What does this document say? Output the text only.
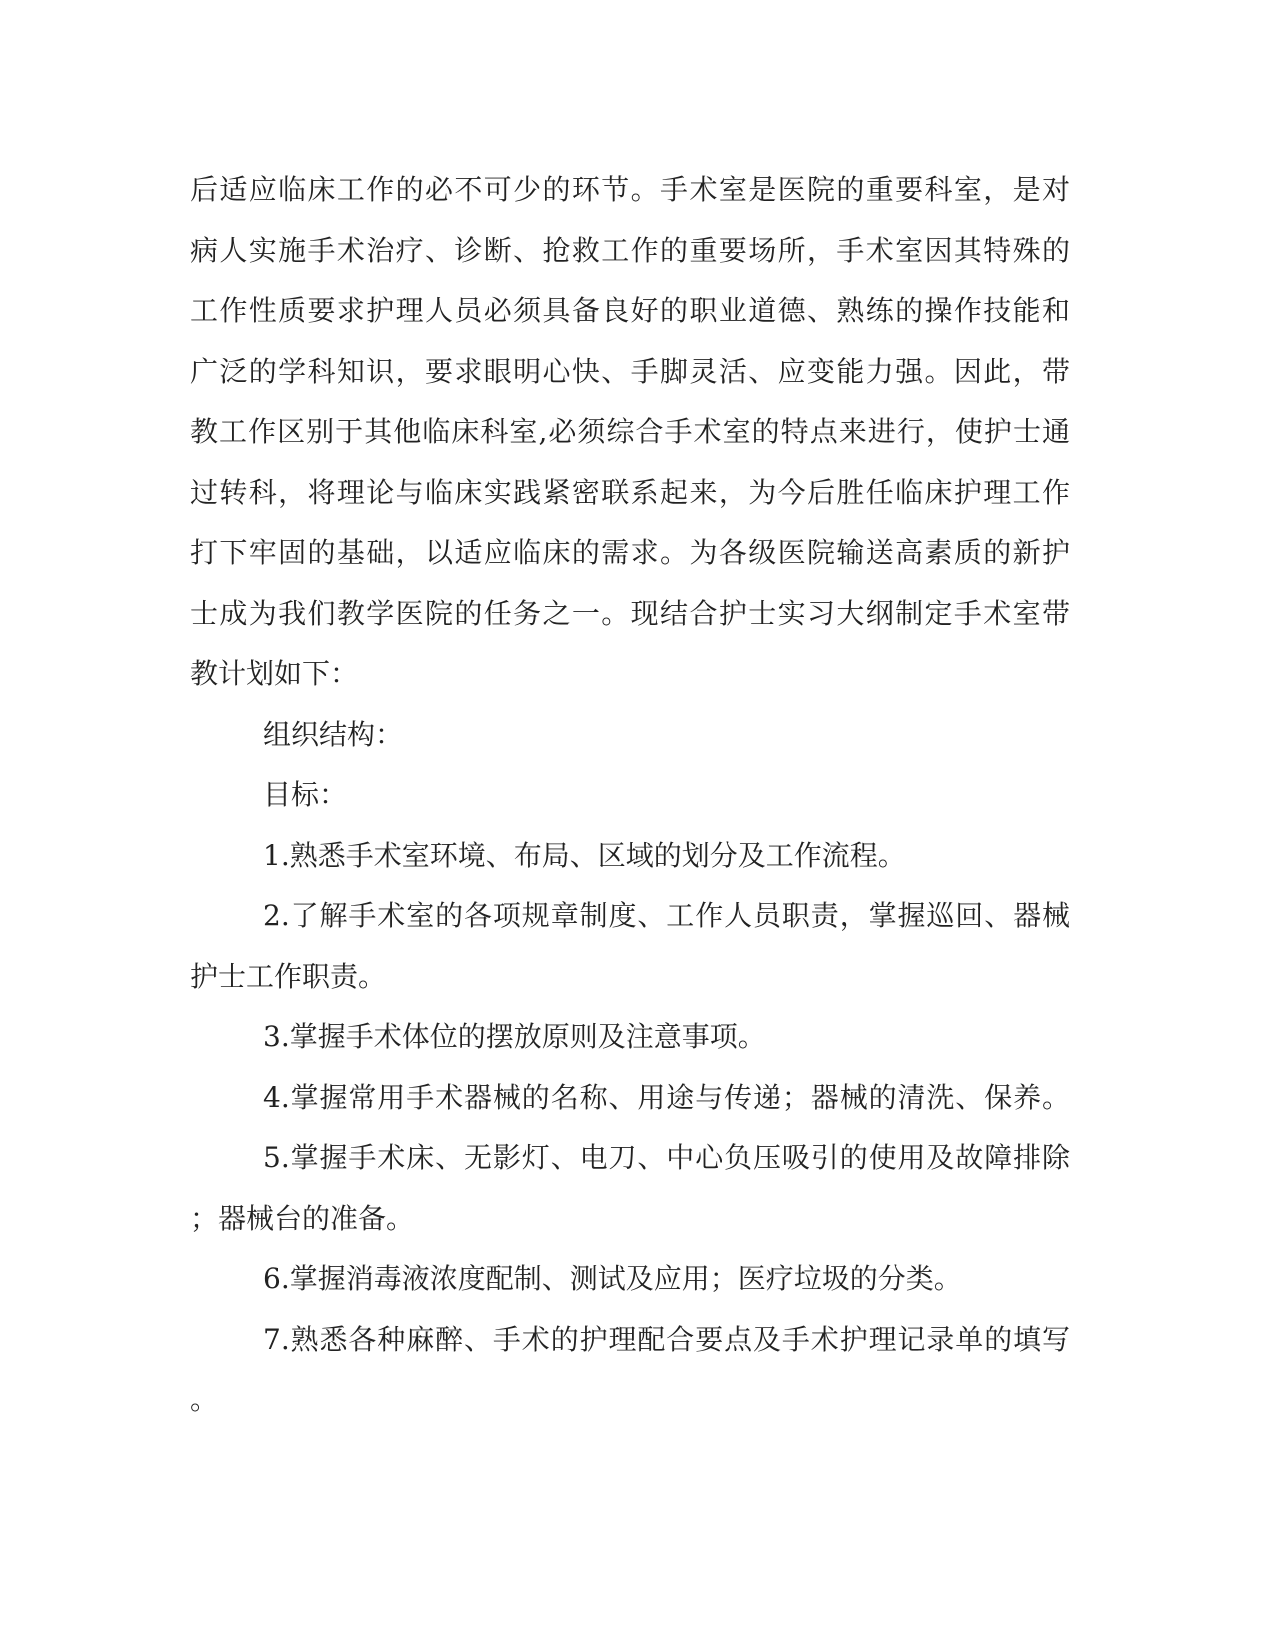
后适应临床工作的必不可少的环节。手术室是医院的重要科室，是对
病人实施手术治疗、诊断、抢救工作的重要场所，手术室因其特殊的
工作性质要求护理人员必须具备良好的职业道德、熟练的操作技能和
广泛的学科知识，要求眼明心快、手脚灵活、应变能力强。因此，带
教工作区别于其他临床科室,必须综合手术室的特点来进行，使护士通
过转科，将理论与临床实践紧密联系起来，为今后胜任临床护理工作
打下牢固的基础，以适应临床的需求。为各级医院输送高素质的新护
士成为我们教学医院的任务之一。现结合护士实习大纲制定手术室带
教计划如下：
组织结构：
目标：
1.熟悉手术室环境、布局、区域的划分及工作流程。
2.了解手术室的各项规章制度、工作人员职责，掌握巡回、器械
护士工作职责。
3.掌握手术体位的摆放原则及注意事项。
4.掌握常用手术器械的名称、用途与传递；器械的清洗、保养。
5.掌握手术床、无影灯、电刀、中心负压吸引的使用及故障排除
；器械台的准备。
6.掌握消毒液浓度配制、测试及应用；医疗垃圾的分类。
7.熟悉各种麻醉、手术的护理配合要点及手术护理记录单的填写
。
